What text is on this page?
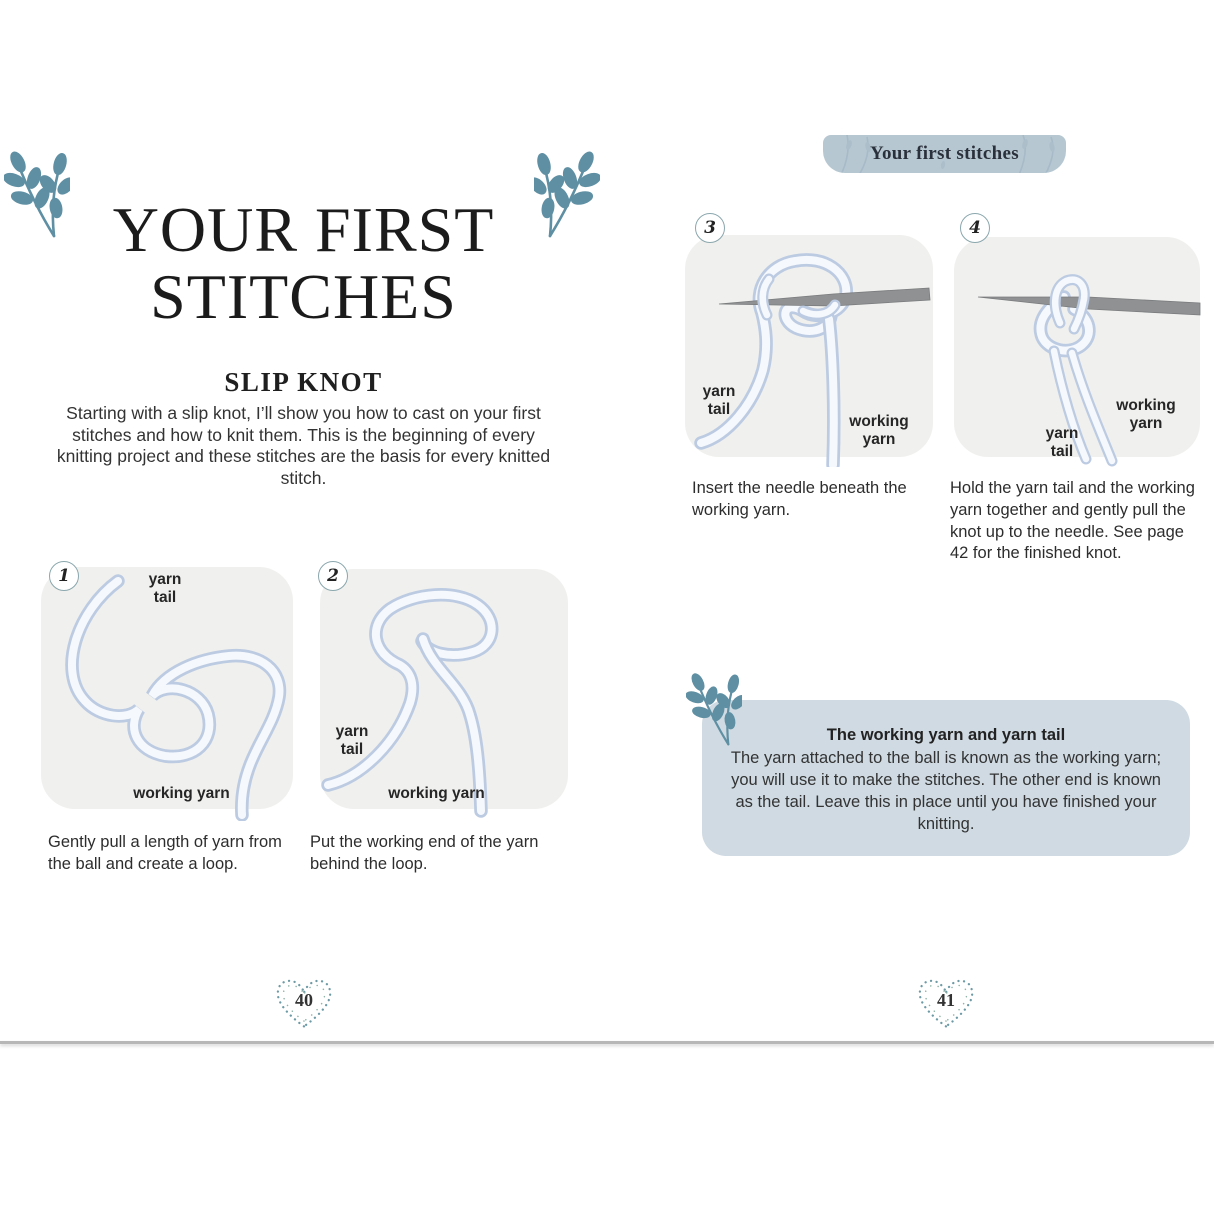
YOUR FIRST
STITCHES
SLIP KNOT

Starting with a slip knot, I’ll show you how to cast on your first stitches and how to knit them. This is the beginning of every knitting project and these stitches are the basis for every knitted stitch.

1	yarn tail
working yarn
2
yarn tail
working yarn

Gently pull a length of yarn from the ball and create a loop.

Put the working end of the yarn behind the loop.

Your first stitches
3
yarn tail
working yarn
4
working yarn
yarn tail

Insert the needle beneath the working yarn.

Hold the yarn tail and the working yarn together and gently pull the knot up to the needle. See page 42 for the finished knot.

The working yarn and yarn tail
The yarn attached to the ball is known as the working yarn; you will use it to make the stitches. The other end is known as the tail. Leave this in place until you have finished your knitting.
40	41
